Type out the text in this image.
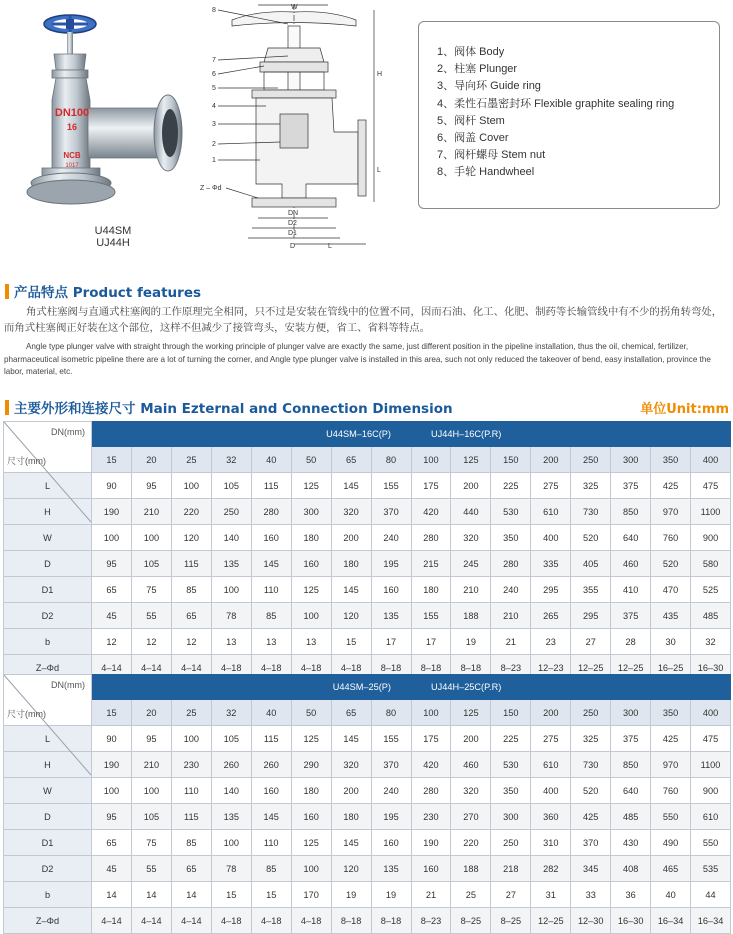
DN100
16
NCB
1017
U44SM
UJ44H
8
7
6
5
4
3
2
1
H
L
W
Z – Φd
DN
D2
D1
D	L
1、阀体 Body
2、柱塞 Plunger
3、导向环 Guide ring
4、柔性石墨密封环 Flexible graphite sealing ring
5、阀杆 Stem
6、阀盖 Cover
7、阀杆螺母 Stem nut
8、手轮 Handwheel
产品特点 Product features

角式柱塞阀与直通式柱塞阀的工作原理完全相同，只不过是安装在管线中的位置不同，因而石油、化工、化肥、制药等长输管线中有不少的拐角转弯处，而角式柱塞阀正好装在这个部位，这样不但减少了接管弯头，安装方便，省工、省料等特点。

Angle type plunger valve with straight through the working principle of plunger valve are exactly the same, just different position in the pipeline installation, thus the oil, chemical, fertilizer, pharmaceutical isometric pipeline there are a lot of turning the corner, and Angle type plunger valve is installed in this area, such not only reduced the takeover of bend, easy installation, province the labor, material, etc.

主要外形和连接尺寸 Main Ezternal and Connection Dimension	单位Unit:mm
DN(mm)
尺寸(mm)	U44SM–16C(P) UJ44H–16C(P.R)															
	15	20	25	32	40	50	65	80	100	125	150	200	250	300	350	400
L	90	95	100	105	115	125	145	155	175	200	225	275	325	375	425	475
H	190	210	220	250	280	300	320	370	420	440	530	610	730	850	970	1100
W	100	100	120	140	160	180	200	240	280	320	350	400	520	640	760	900
D	95	105	115	135	145	160	180	195	215	245	280	335	405	460	520	580
D1	65	75	85	100	110	125	145	160	180	210	240	295	355	410	470	525
D2	45	55	65	78	85	100	120	135	155	188	210	265	295	375	435	485
b	12	12	12	13	13	13	15	17	17	19	21	23	27	28	30	32
Z–Φd	4–14	4–14	4–14	4–18	4–18	4–18	4–18	8–18	8–18	8–18	8–23	12–23	12–25	12–25	16–25	16–30
DN(mm)
尺寸(mm)	U44SM–25(P) UJ44H–25C(P.R)															
	15	20	25	32	40	50	65	80	100	125	150	200	250	300	350	400
L	90	95	100	105	115	125	145	155	175	200	225	275	325	375	425	475
H	190	210	230	260	260	290	320	370	420	460	530	610	730	850	970	1100
W	100	100	110	140	160	180	200	240	280	320	350	400	520	640	760	900
D	95	105	115	135	145	160	180	195	230	270	300	360	425	485	550	610
D1	65	75	85	100	110	125	145	160	190	220	250	310	370	430	490	550
D2	45	55	65	78	85	100	120	135	160	188	218	282	345	408	465	535
b	14	14	14	15	15	170	19	19	21	25	27	31	33	36	40	44
Z–Φd	4–14	4–14	4–14	4–18	4–18	4–18	8–18	8–18	8–23	8–25	8–25	12–25	12–30	16–30	16–34	16–34
